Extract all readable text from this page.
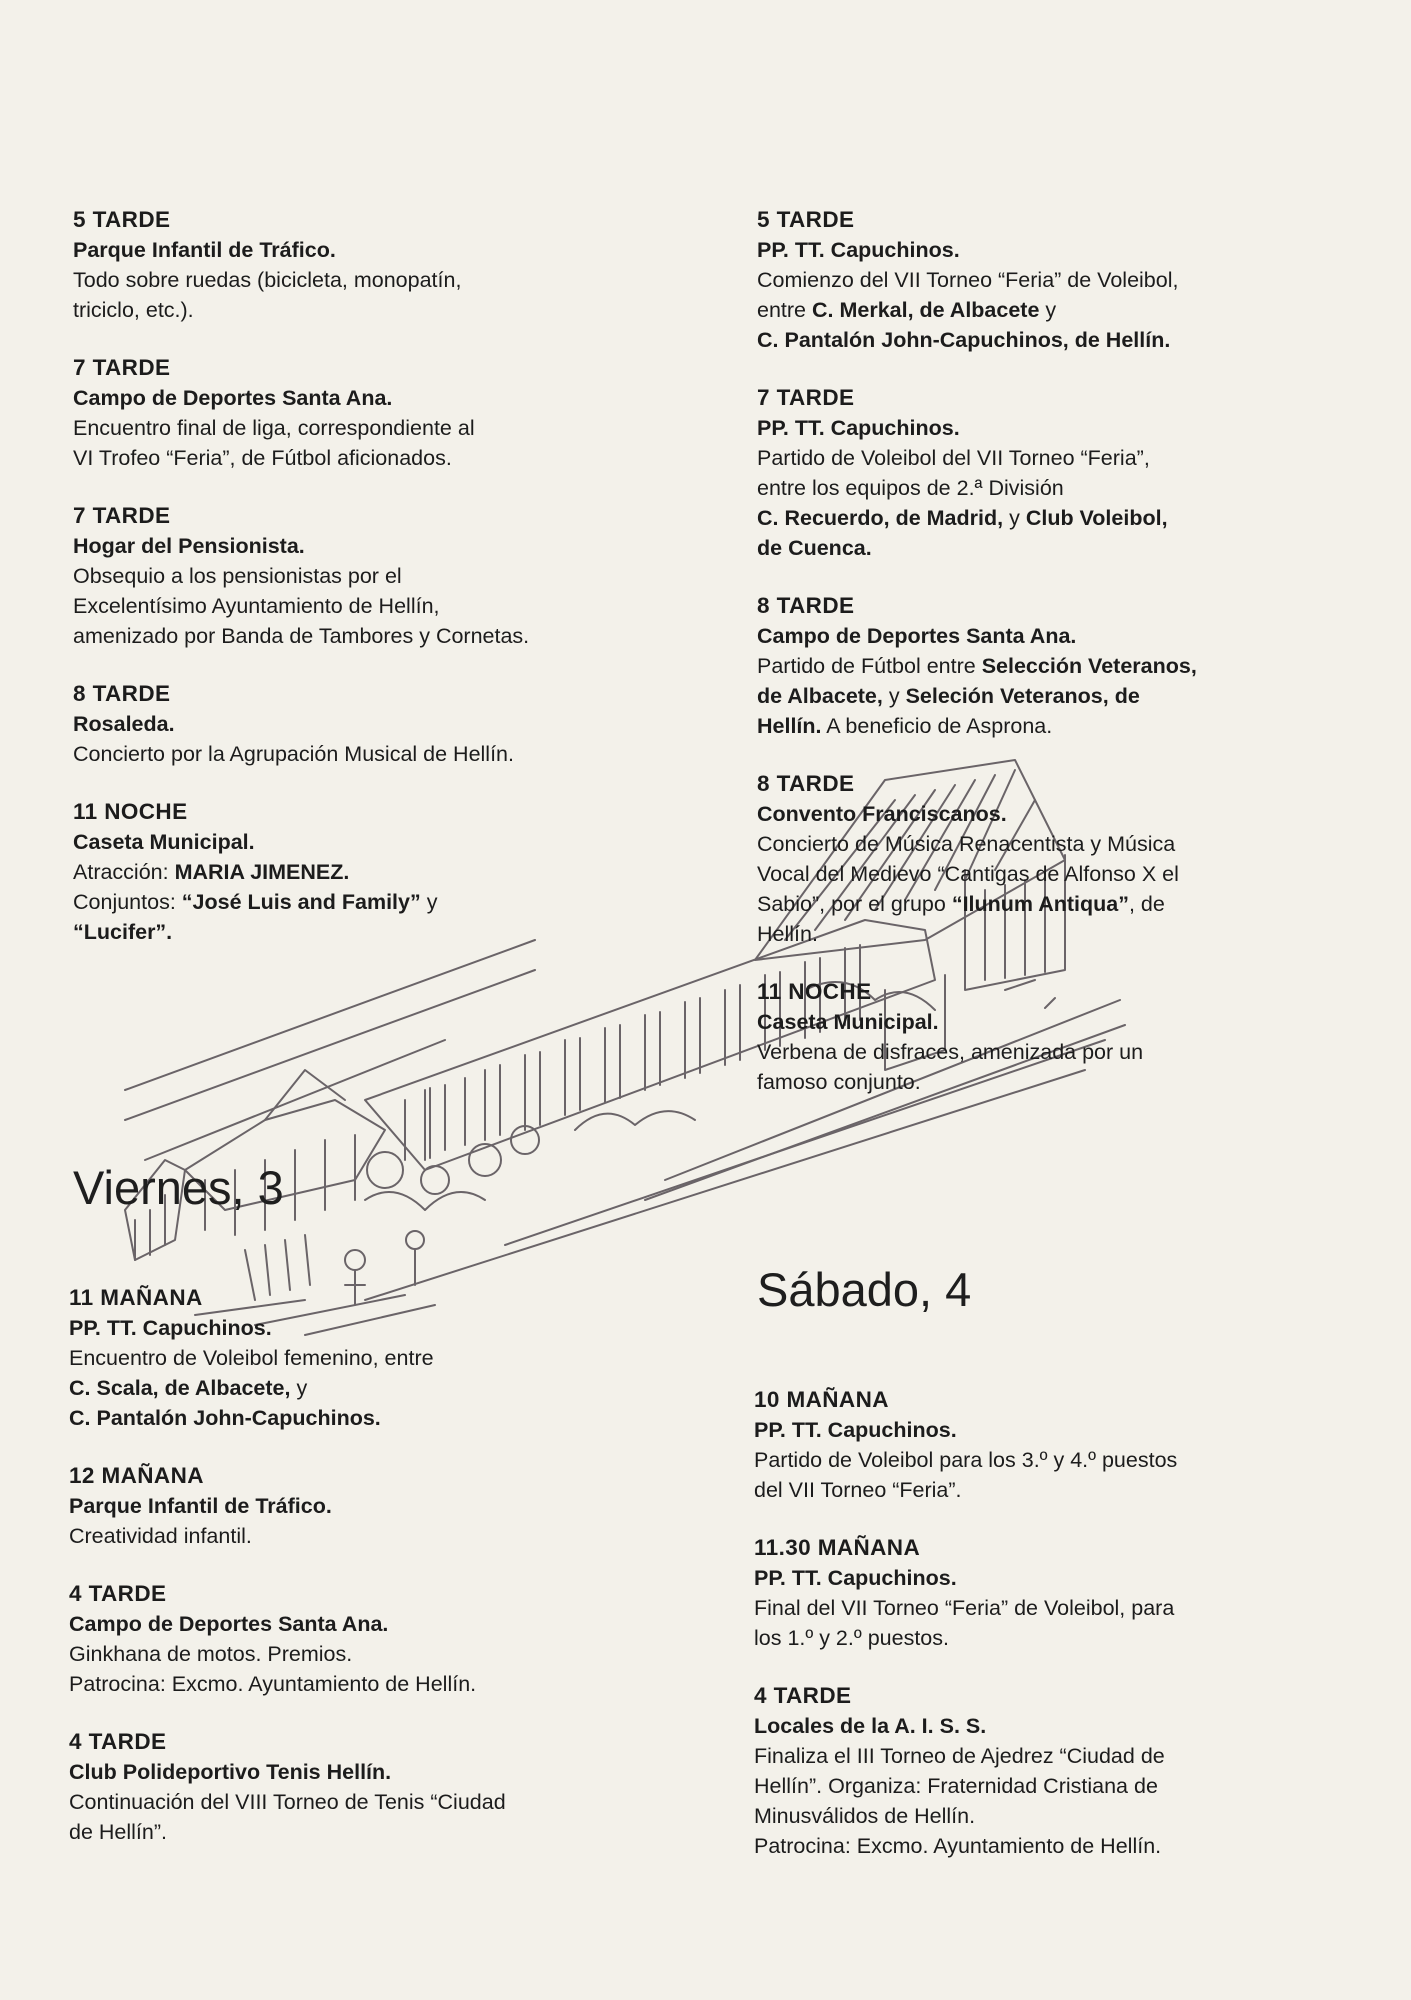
5 TARDE
Parque Infantil de Tráfico.
Todo sobre ruedas (bicicleta, monopatín,
triciclo, etc.).
7 TARDE
Campo de Deportes Santa Ana.
Encuentro final de liga, correspondiente al
VI Trofeo “Feria”, de Fútbol aficionados.
7 TARDE
Hogar del Pensionista.
Obsequio a los pensionistas por el
Excelentísimo Ayuntamiento de Hellín,
amenizado por Banda de Tambores y Cornetas.
8 TARDE
Rosaleda.
Concierto por la Agrupación Musical de Hellín.
11 NOCHE
Caseta Municipal.
Atracción: MARIA JIMENEZ.
Conjuntos: “José Luis and Family” y
“Lucifer”.
5 TARDE
PP. TT. Capuchinos.
Comienzo del VII Torneo “Feria” de Voleibol,
entre C. Merkal, de Albacete y
C. Pantalón John-Capuchinos, de Hellín.
7 TARDE
PP. TT. Capuchinos.
Partido de Voleibol del VII Torneo “Feria”,
entre los equipos de 2.ª División
C. Recuerdo, de Madrid, y Club Voleibol,
de Cuenca.
8 TARDE
Campo de Deportes Santa Ana.
Partido de Fútbol entre Selección Veteranos,
de Albacete, y Seleción Veteranos, de
Hellín. A beneficio de Asprona.
8 TARDE
Convento Franciscanos.
Concierto de Música Renacentista y Música
Vocal del Medievo “Cantigas de Alfonso X el
Sabio”, por el grupo “Ilunum Antiqua”, de
Hellín.
11 NOCHE
Caseta Municipal.
Verbena de disfraces, amenizada por un
famoso conjunto.
Viernes, 3
11 MAÑANA
PP. TT. Capuchinos.
Encuentro de Voleibol femenino, entre
C. Scala, de Albacete, y
C. Pantalón John-Capuchinos.
12 MAÑANA
Parque Infantil de Tráfico.
Creatividad infantil.
4 TARDE
Campo de Deportes Santa Ana.
Ginkhana de motos. Premios.
Patrocina: Excmo. Ayuntamiento de Hellín.
4 TARDE
Club Polideportivo Tenis Hellín.
Continuación del VIII Torneo de Tenis “Ciudad
de Hellín”.
Sábado, 4
10 MAÑANA
PP. TT. Capuchinos.
Partido de Voleibol para los 3.º y 4.º puestos
del VII Torneo “Feria”.
11.30 MAÑANA
PP. TT. Capuchinos.
Final del VII Torneo “Feria” de Voleibol, para
los 1.º y 2.º puestos.
4 TARDE
Locales de la A. I. S. S.
Finaliza el III Torneo de Ajedrez “Ciudad de
Hellín”. Organiza: Fraternidad Cristiana de
Minusválidos de Hellín.
Patrocina: Excmo. Ayuntamiento de Hellín.
